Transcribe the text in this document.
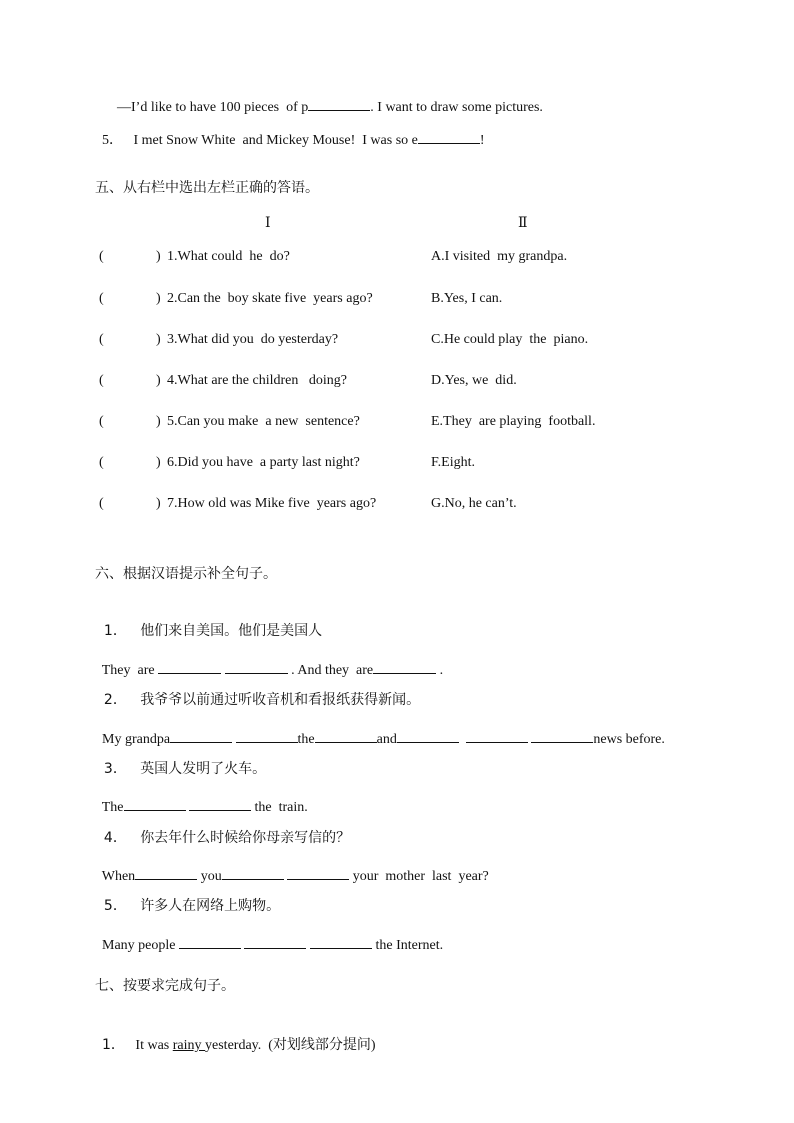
—I’d like to have 100 pieces  of p	. I want to draw some pictures.

5． I met Snow White  and Mickey Mouse!  I was so e	!

五、从右栏中选出左栏正确的答语。
Ⅰ	Ⅱ
(	) 1.What could  he  do?	A.I visited  my grandpa.
(	) 2.Can the  boy skate five  years ago?	B.Yes, I can.
(	) 3.What did you  do yesterday?	C.He could play  the  piano.
(	) 4.What are the children   doing?	D.Yes, we  did.
(	) 5.Can you make  a new  sentence?	E.They  are playing  football.
(	) 6.Did you have  a party last night?	F.Eight.
(	) 7.How old was Mike five  years ago?	G.No, he can’t.
六、根据汉语提示补全句子。

1． 他们来自美国。他们是美国人

They  are	. And they  are	.

2． 我爷爷以前通过听收音机和看报纸获得新闻。

My grandpa	the	and	news before.

3． 英国人发明了火车。

The	the  train.

4． 你去年什么时候给你母亲写信的？

When	you	your  mother  last  year?

5． 许多人在网络上购物。

Many people	the Internet.

七、按要求完成句子。

1． It was rainy yesterday.  (对划线部分提问)
